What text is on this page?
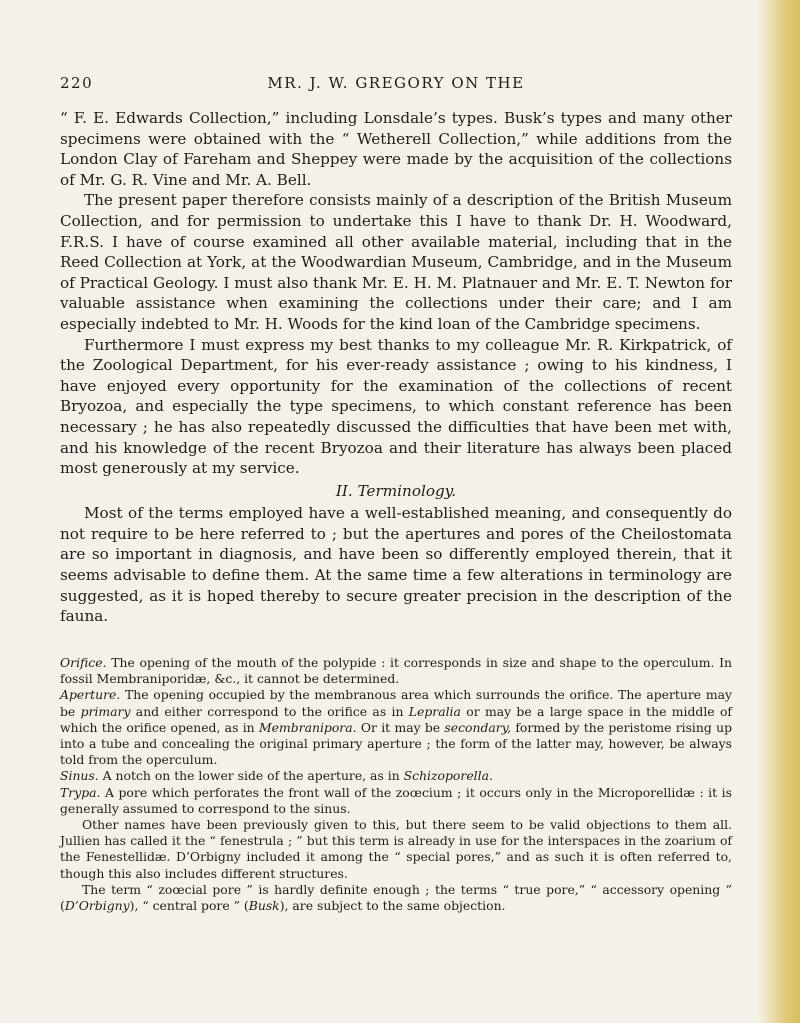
220	MR. J. W. GREGORY ON THE

“ F. E. Edwards Collection,” including Lonsdale’s types. Busk’s types and many other specimens were obtained with the “ Wetherell Collection,” while additions from the London Clay of Fareham and Sheppey were made by the acquisition of the collections of Mr. G. R. Vine and Mr. A. Bell.

The present paper therefore consists mainly of a description of the British Museum Collection, and for permission to undertake this I have to thank Dr. H. Woodward, F.R.S. I have of course examined all other available material, including that in the Reed Collection at York, at the Woodwardian Museum, Cambridge, and in the Museum of Practical Geology. I must also thank Mr. E. H. M. Platnauer and Mr. E. T. Newton for valuable assistance when examining the collections under their care; and I am especially indebted to Mr. H. Woods for the kind loan of the Cambridge specimens.

Furthermore I must express my best thanks to my colleague Mr. R. Kirkpatrick, of the Zoological Department, for his ever-ready assistance ; owing to his kindness, I have enjoyed every opportunity for the examination of the collections of recent Bryozoa, and especially the type specimens, to which constant reference has been necessary ; he has also repeatedly discussed the difficulties that have been met with, and his knowledge of the recent Bryozoa and their literature has always been placed most generously at my service.

II. Terminology.

Most of the terms employed have a well-established meaning, and consequently do not require to be here referred to ; but the apertures and pores of the Cheilostomata are so important in diagnosis, and have been so differently employed therein, that it seems advisable to define them. At the same time a few alterations in terminology are suggested, as it is hoped thereby to secure greater precision in the description of the fauna.

Orifice. The opening of the mouth of the polypide : it corresponds in size and shape to the operculum. In fossil Membraniporidæ, &c., it cannot be determined.

Aperture. The opening occupied by the membranous area which surrounds the orifice. The aperture may be primary and either correspond to the orifice as in Lepralia or may be a large space in the middle of which the orifice opened, as in Membranipora. Or it may be secondary, formed by the peristome rising up into a tube and concealing the original primary aperture ; the form of the latter may, however, be always told from the operculum.

Sinus. A notch on the lower side of the aperture, as in Schizoporella.

Trypa. A pore which perforates the front wall of the zoœcium ; it occurs only in the Microporellidæ : it is generally assumed to correspond to the sinus.

Other names have been previously given to this, but there seem to be valid objections to them all. Jullien has called it the “ fenestrula ; ” but this term is already in use for the interspaces in the zoarium of the Fenestellidæ. D’Orbigny included it among the “ special pores,” and as such it is often referred to, though this also includes different structures.

The term “ zoœcial pore ” is hardly definite enough ; the terms “ true pore,” “ accessory opening ” (D’Orbigny), “ central pore ” (Busk), are subject to the same objection.
